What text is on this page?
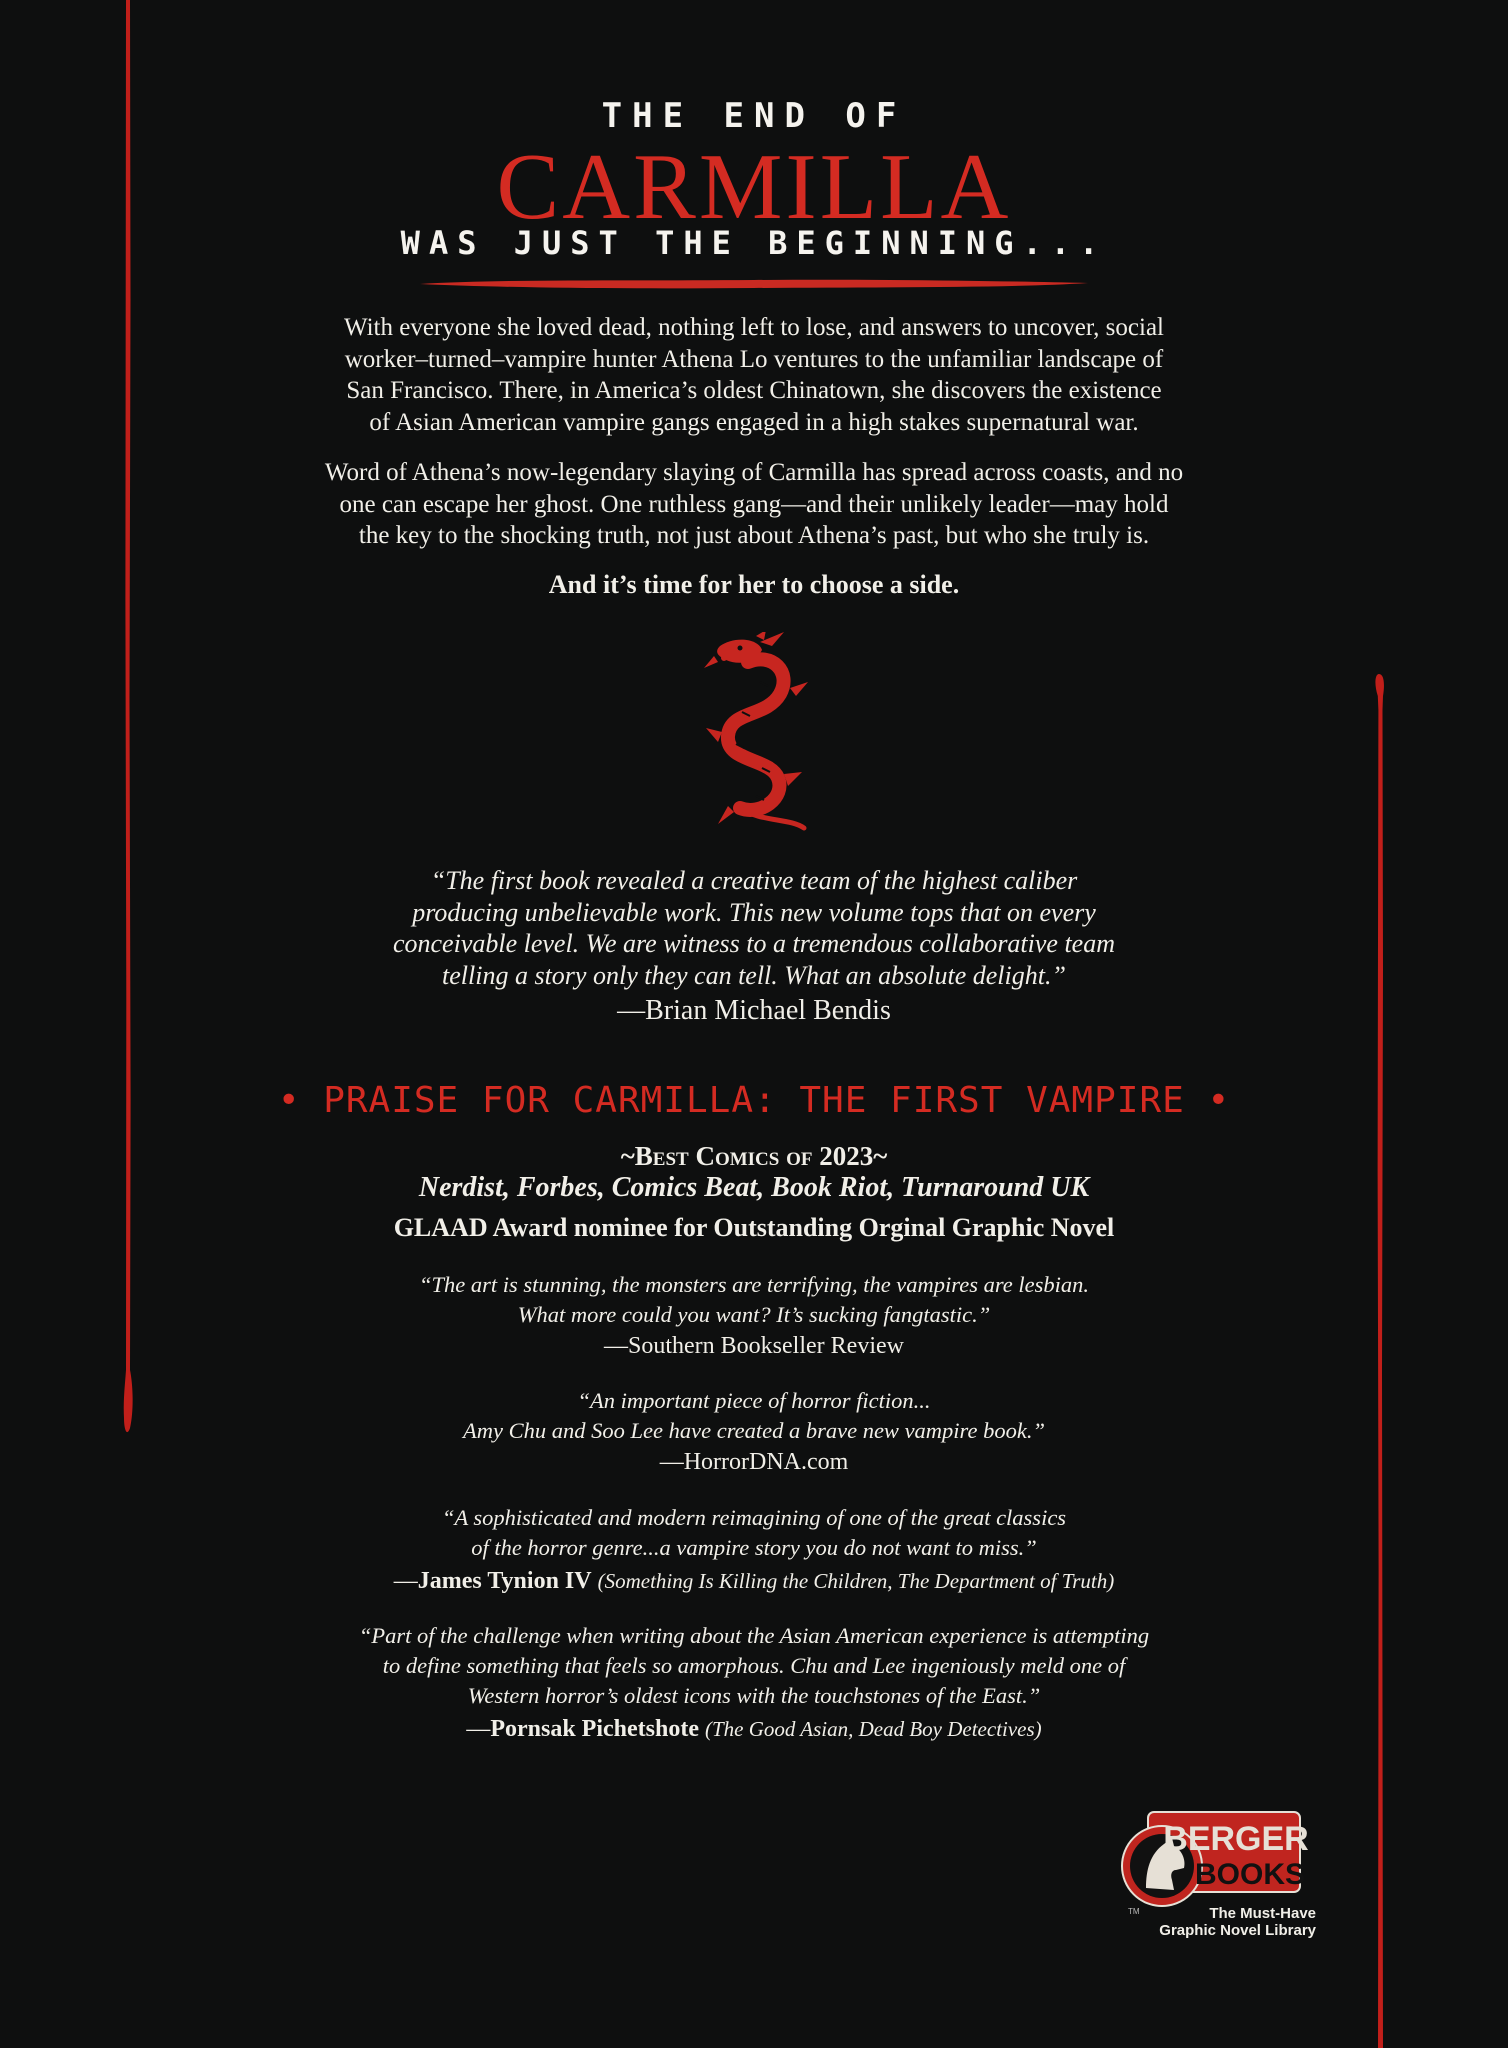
THE END OF
CARMILLA
WAS JUST THE BEGINNING...
With everyone she loved dead, nothing left to lose, and answers to uncover, social
worker–turned–vampire hunter Athena Lo ventures to the unfamiliar landscape of
San Francisco. There, in America’s oldest Chinatown, she discovers the existence
of Asian American vampire gangs engaged in a high stakes supernatural war.
Word of Athena’s now-legendary slaying of Carmilla has spread across coasts, and no
one can escape her ghost. One ruthless gang—and their unlikely leader—may hold
the key to the shocking truth, not just about Athena’s past, but who she truly is.
And it’s time for her to choose a side.
“The first book revealed a creative team of the highest caliber
producing unbelievable work. This new volume tops that on every
conceivable level. We are witness to a tremendous collaborative team
telling a story only they can tell. What an absolute delight.”
—Brian Michael Bendis
• PRAISE FOR CARMILLA: THE FIRST VAMPIRE •
~Best Comics of 2023~
Nerdist, Forbes, Comics Beat, Book Riot, Turnaround UK
GLAAD Award nominee for Outstanding Orginal Graphic Novel
“The art is stunning, the monsters are terrifying, the vampires are lesbian.
What more could you want? It’s sucking fangtastic.”
—Southern Bookseller Review
“An important piece of horror fiction...
Amy Chu and Soo Lee have created a brave new vampire book.”
—HorrorDNA.com
“A sophisticated and modern reimagining of one of the great classics
of the horror genre...a vampire story you do not want to miss.”
—James Tynion IV (Something Is Killing the Children, The Department of Truth)
“Part of the challenge when writing about the Asian American experience is attempting
to define something that feels so amorphous. Chu and Lee ingeniously meld one of
Western horror’s oldest icons with the touchstones of the East.”
—Pornsak Pichetshote (The Good Asian, Dead Boy Detectives)
BERGER
BOOKS
TM	The Must-Have
Graphic Novel Library
